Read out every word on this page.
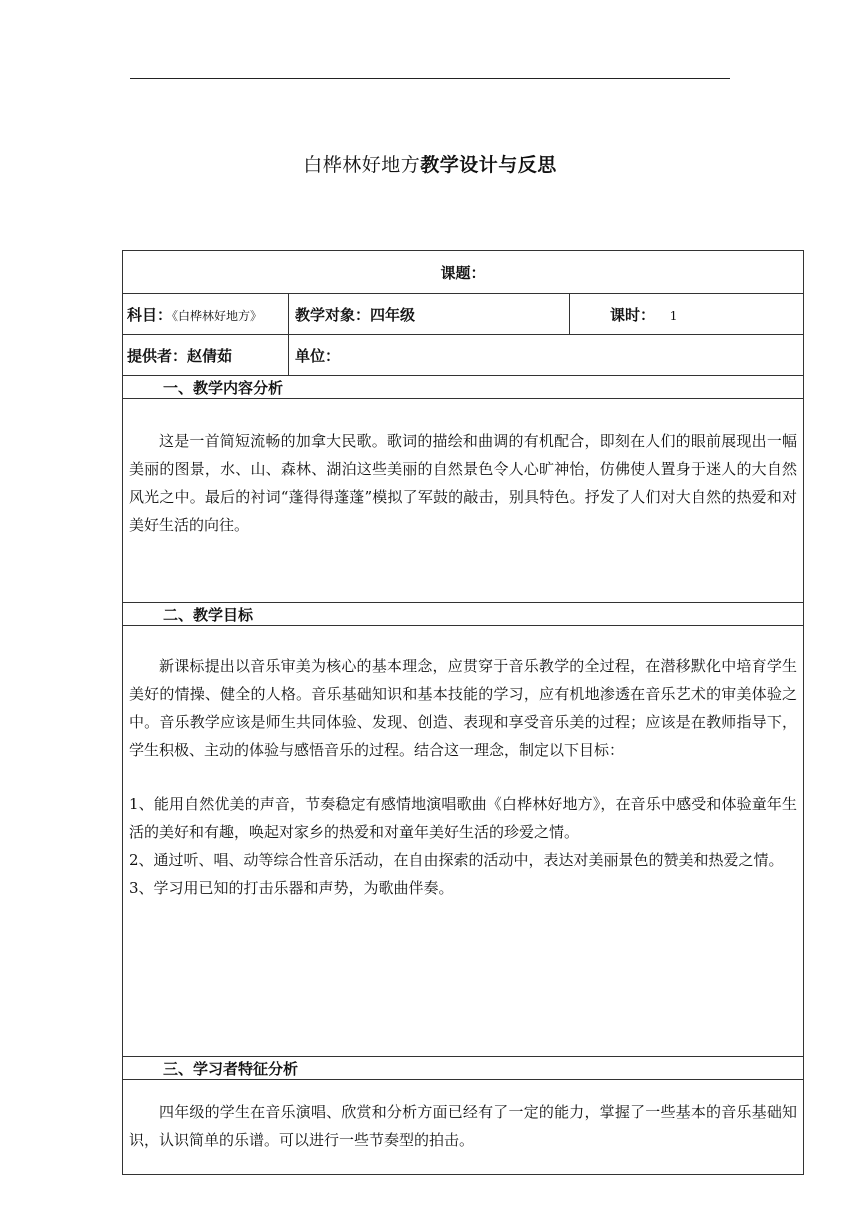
白桦林好地方教学设计与反思
课题：		
科目：《白桦林好地方》	教学对象：四年级	课时： 1
提供者：赵倩茹	单位：	
一、教学内容分析		

这是一首简短流畅的加拿大民歌。歌词的描绘和曲调的有机配合，即刻在人们的眼前展现出一幅美丽的图景，水、山、森林、湖泊这些美丽的自然景色令人心旷神怡，仿佛使人置身于迷人的大自然风光之中。最后的衬词“蓬得得蓬蓬”模拟了军鼓的敲击，别具特色。抒发了人们对大自然的热爱和对美好生活的向往。		

二、教学目标		

新课标提出以音乐审美为核心的基本理念，应贯穿于音乐教学的全过程，在潜移默化中培育学生美好的情操、健全的人格。音乐基础知识和基本技能的学习，应有机地渗透在音乐艺术的审美体验之中。音乐教学应该是师生共同体验、发现、创造、表现和享受音乐美的过程；应该是在教师指导下，学生积极、主动的体验与感悟音乐的过程。结合这一理念，制定以下目标：

1、能用自然优美的声音，节奏稳定有感情地演唱歌曲《白桦林好地方》，在音乐中感受和体验童年生活的美好和有趣，唤起对家乡的热爱和对童年美好生活的珍爱之情。

2、通过听、唱、动等综合性音乐活动，在自由探索的活动中，表达对美丽景色的赞美和热爱之情。

3、学习用已知的打击乐器和声势，为歌曲伴奏。		

三、学习者特征分析		

四年级的学生在音乐演唱、欣赏和分析方面已经有了一定的能力，掌握了一些基本的音乐基础知识，认识简单的乐谱。可以进行一些节奏型的拍击。		
